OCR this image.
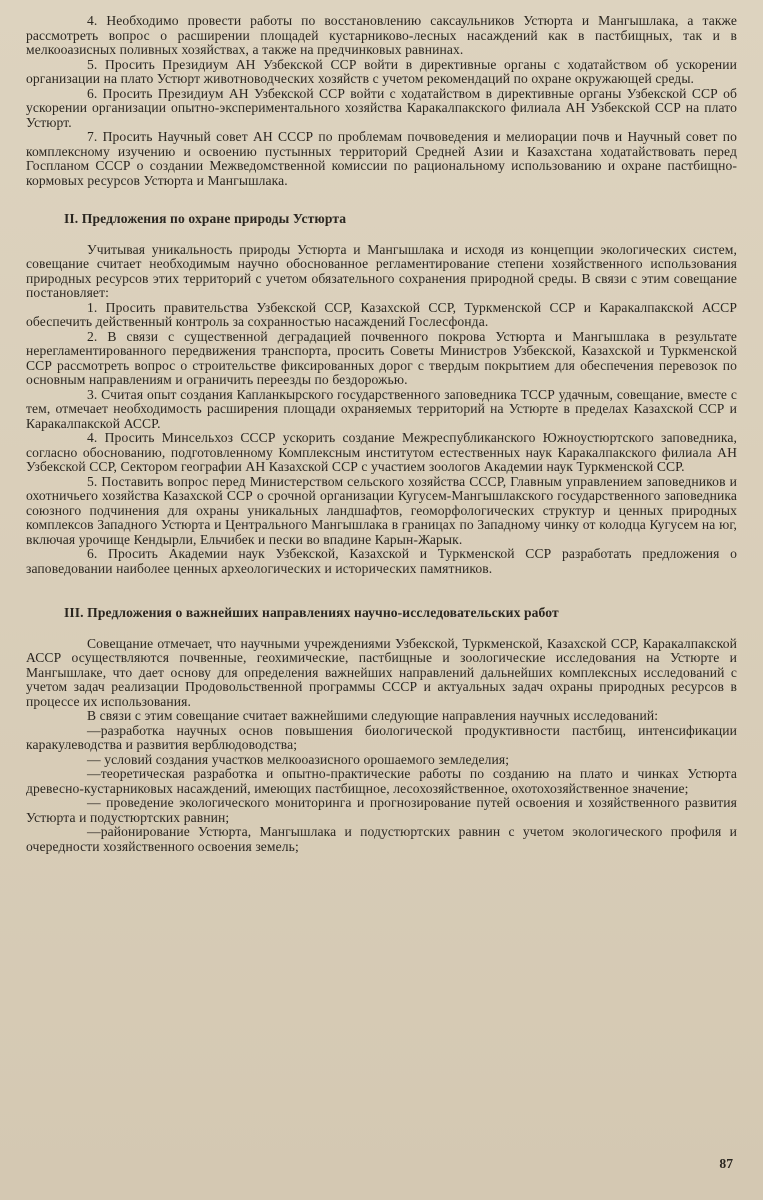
4. Необходимо провести работы по восстановлению саксаульников Устюрта и Мангышлака, а также рассмотреть вопрос о расширении площадей кустарниково-лесных насаждений как в пастбищных, так и в мелкооазисных поливных хозяйствах, а также на предчинковых равнинах.

5. Просить Президиум АН Узбекской ССР войти в директивные органы с ходатайством об ускорении организации на плато Устюрт животноводческих хозяйств с учетом рекомендаций по охране окружающей среды.

6. Просить Президиум АН Узбекской ССР войти с ходатайством в директивные органы Узбекской ССР об ускорении организации опытно-экспериментального хозяйства Каракалпакского филиала АН Узбекской ССР на плато Устюрт.

7. Просить Научный совет АН СССР по проблемам почвоведения и мелиорации почв и Научный совет по комплексному изучению и освоению пустынных территорий Средней Азии и Казахстана ходатайствовать перед Госпланом СССР о создании Межведомственной комиссии по рациональному использованию и охране пастбищно-кормовых ресурсов Устюрта и Мангышлака.

II. Предложения по охране природы Устюрта

Учитывая уникальность природы Устюрта и Мангышлака и исходя из концепции экологических систем, совещание считает необходимым научно обоснованное регламентирование степени хозяйственного использования природных ресурсов этих территорий с учетом обязательного сохранения природной среды. В связи с этим совещание постановляет:

1. Просить правительства Узбекской ССР, Казахской ССР, Туркменской ССР и Каракалпакской АССР обеспечить действенный контроль за сохранностью насаждений Гослесфонда.

2. В связи с существенной деградацией почвенного покрова Устюрта и Мангышлака в результате нерегламентированного передвижения транспорта, просить Советы Министров Узбекской, Казахской и Туркменской ССР рассмотреть вопрос о строительстве фиксированных дорог с твердым покрытием для обеспечения перевозок по основным направлениям и ограничить переезды по бездорожью.

3. Считая опыт создания Капланкырского государственного заповедника ТССР удачным, совещание, вместе с тем, отмечает необходимость расширения площади охраняемых территорий на Устюрте в пределах Казахской ССР и Каракалпакской АССР.

4. Просить Минсельхоз СССР ускорить создание Межреспубликанского Южноустюртского заповедника, согласно обоснованию, подготовленному Комплексным институтом естественных наук Каракалпакского филиала АН Узбекской ССР, Сектором географии АН Казахской ССР с участием зоологов Академии наук Туркменской ССР.

5. Поставить вопрос перед Министерством сельского хозяйства СССР, Главным управлением заповедников и охотничьего хозяйства Казахской ССР о срочной организации Кугусем-Мангышлакского государственного заповедника союзного подчинения для охраны уникальных ландшафтов, геоморфологических структур и ценных природных комплексов Западного Устюрта и Центрального Мангышлака в границах по Западному чинку от колодца Кугусем на юг, включая урочище Кендырли, Ельчибек и пески во впадине Карын-Жарык.

6. Просить Академии наук Узбекской, Казахской и Туркменской ССР разработать предложения о заповедовании наиболее ценных археологических и исторических памятников.

III. Предложения о важнейших направлениях научно-исследовательских работ

Совещание отмечает, что научными учреждениями Узбекской, Туркменской, Казахской ССР, Каракалпакской АССР осуществляются почвенные, геохимические, пастбищные и зоологические исследования на Устюрте и Мангышлаке, что дает основу для определения важнейших направлений дальнейших комплексных исследований с учетом задач реализации Продовольственной программы СССР и актуальных задач охраны природных ресурсов в процессе их использования.

В связи с этим совещание считает важнейшими следующие направления научных исследований:

—разработка научных основ повышения биологической продуктивности пастбищ, интенсификации каракулеводства и развития верблюдоводства;

— условий создания участков мелкооазисного орошаемого земледелия;

—теоретическая разработка и опытно-практические работы по созданию на плато и чинках Устюрта древесно-кустарниковых насаждений, имеющих пастбищное, лесохозяйственное, охотохозяйственное значение;

— проведение экологического мониторинга и прогнозирование путей освоения и хозяйственного развития Устюрта и подустюртских равнин;

—районирование Устюрта, Мангышлака и подустюртских равнин с учетом экологического профиля и очередности хозяйственного освоения земель;

87
